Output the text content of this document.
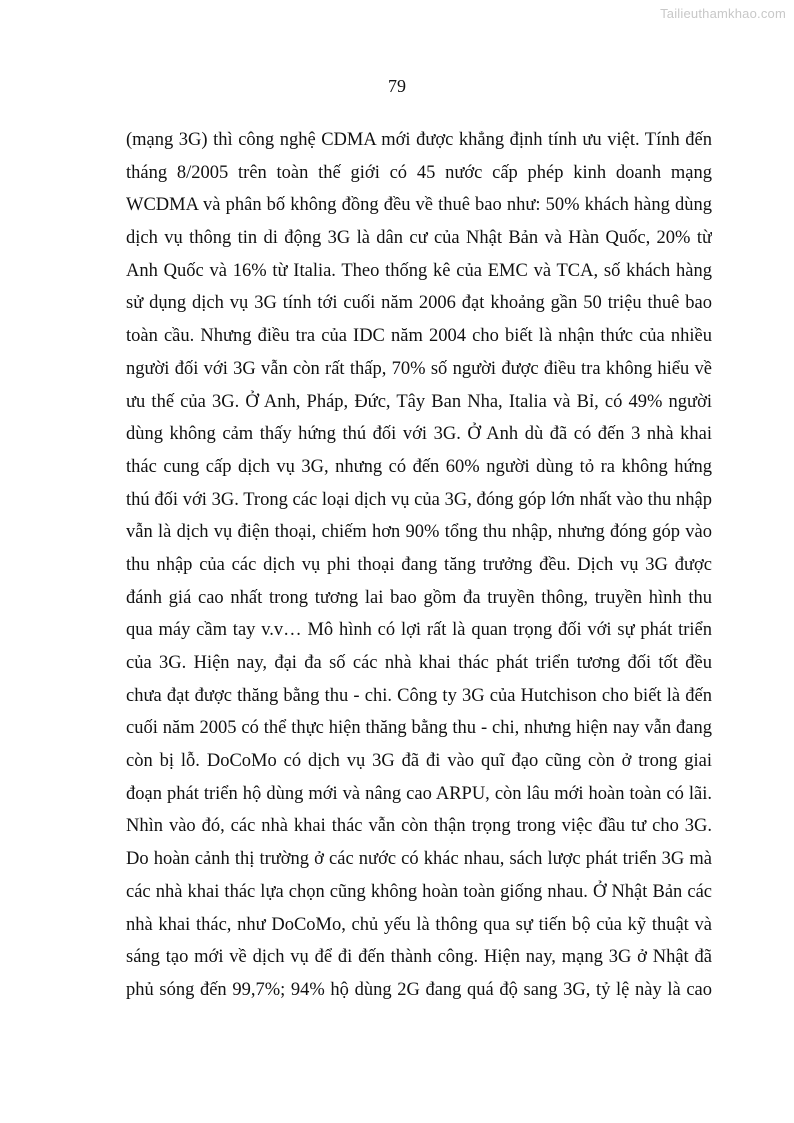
Tailieuthamkhao.com
79
(mạng 3G) thì công nghệ CDMA mới được khẳng định tính ưu việt. Tính đến
tháng 8/2005 trên toàn thế giới có 45 nước cấp phép kinh doanh mạng
WCDMA và phân bố không đồng đều về thuê bao như: 50% khách hàng dùng
dịch vụ thông tin di động 3G là dân cư của Nhật Bản và Hàn Quốc, 20% từ
Anh Quốc và 16% từ Italia. Theo thống kê của EMC và TCA, số khách hàng
sử dụng dịch vụ 3G tính tới cuối năm 2006 đạt khoảng gần 50 triệu thuê bao
toàn cầu. Nhưng điều tra của IDC năm 2004 cho biết là nhận thức của nhiều
người đối với 3G vẫn còn rất thấp, 70% số người được điều tra không hiểu về
ưu thế của 3G. Ở Anh, Pháp, Đức, Tây Ban Nha, Italia và Bỉ, có 49% người
dùng không cảm thấy hứng thú đối với 3G. Ở Anh dù đã có đến 3 nhà khai
thác cung cấp dịch vụ 3G, nhưng có đến 60% người dùng tỏ ra không hứng
thú đối với 3G. Trong các loại dịch vụ của 3G, đóng góp lớn nhất vào thu nhập
vẫn là dịch vụ điện thoại, chiếm hơn 90% tổng thu nhập, nhưng đóng góp vào
thu nhập của các dịch vụ phi thoại đang tăng trưởng đều. Dịch vụ 3G được
đánh giá cao nhất trong tương lai bao gồm đa truyền thông, truyền hình thu
qua máy cầm tay v.v… Mô hình có lợi rất là quan trọng đối với sự phát triển
của 3G. Hiện nay, đại đa số các nhà khai thác phát triển tương đối tốt đều
chưa đạt được thăng bằng thu - chi. Công ty 3G của Hutchison cho biết là đến
cuối năm 2005 có thể thực hiện thăng bằng thu - chi, nhưng hiện nay vẫn đang
còn bị lỗ. DoCoMo có dịch vụ 3G đã đi vào quĩ đạo cũng còn ở trong giai
đoạn phát triển hộ dùng mới và nâng cao ARPU, còn lâu mới hoàn toàn có lãi.
Nhìn vào đó, các nhà khai thác vẫn còn thận trọng trong việc đầu tư cho 3G.
Do hoàn cảnh thị trường ở các nước có khác nhau, sách lược phát triển 3G mà
các nhà khai thác lựa chọn cũng không hoàn toàn giống nhau. Ở Nhật Bản các
nhà khai thác, như DoCoMo, chủ yếu là thông qua sự tiến bộ của kỹ thuật và
sáng tạo mới về dịch vụ để đi đến thành công. Hiện nay, mạng 3G ở Nhật đã
phủ sóng đến 99,7%; 94% hộ dùng 2G đang quá độ sang 3G, tỷ lệ này là cao
